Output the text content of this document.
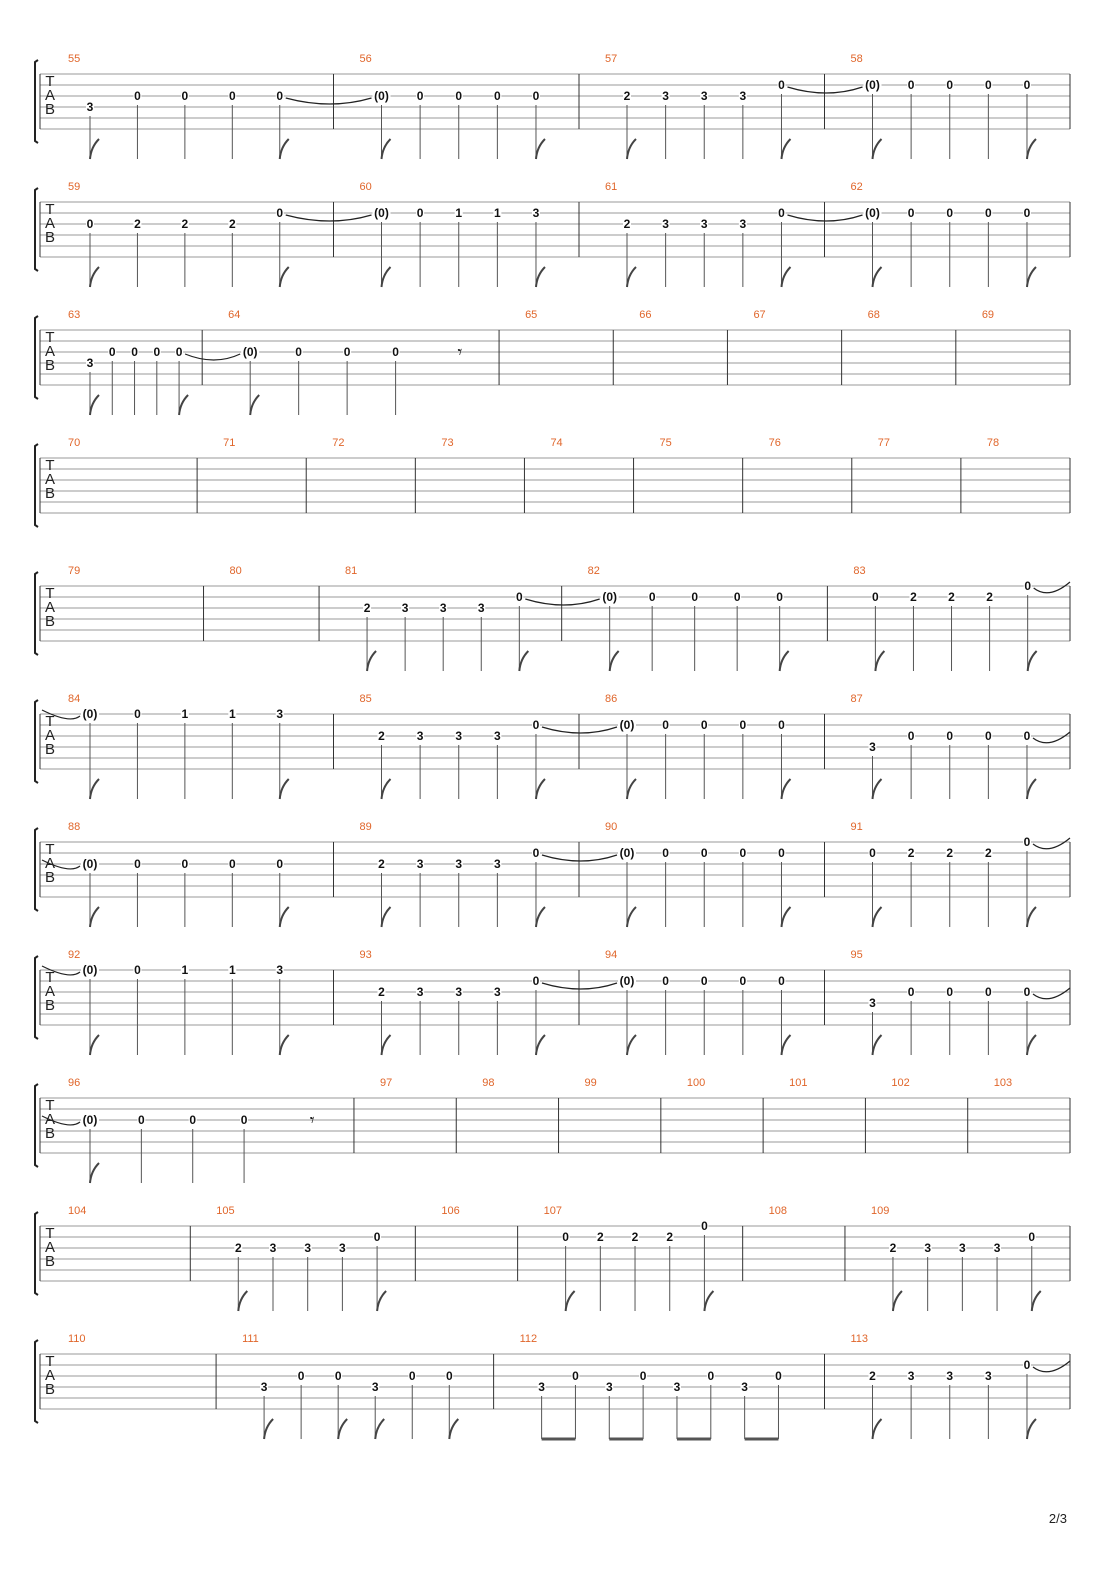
T
A
B
55
3
0	0	0	0
56
(0) 0	0	0	0
57
2	3	3	3
0
58
(0) 0	0	0	0
T
A
B
59
0	2	2	2
0
60
(0) 0	1	1	3
61
2	3	3	3
0
62
(0) 0	0	0	0
T
A
B
63
3
0 0 0 0
64
(0)	0	0	0	𝄾
65	66	67	68	69
T
A
B
70	71	72	73	74	75	76	77	78
T
A
B
79	80	81
2	3	3	3
0
82
(0)	0	0	0	0
83
0	2	2	2
0
T
A
B
84
(0)	0	1	1	3
85
2	3	3	3
0
86
(0) 0	0	0	0
87
3
0	0	0	0
T
A
B
88
(0)	0	0	0	0
89
2	3	3	3
0
90
(0) 0	0	0	0
91
0	2	2	2
0
T
A
B
92
(0)	0	1	1	3
93
2	3	3	3
0
94
(0) 0	0	0	0
95
3
0	0	0	0
T
A
B
96
(0)	0	0	0	𝄾
97	98	99	100	101	102	103
T
A
B
104	105
2 3 3 3
0
106	107
0 2 2 2
0
108	109
2 3 3 3
0
T
A
B
110	111
3
0	0
3
0	0
112
3
0
3
0
3
0
3
0
113
2	3	3	3
0
2/3
